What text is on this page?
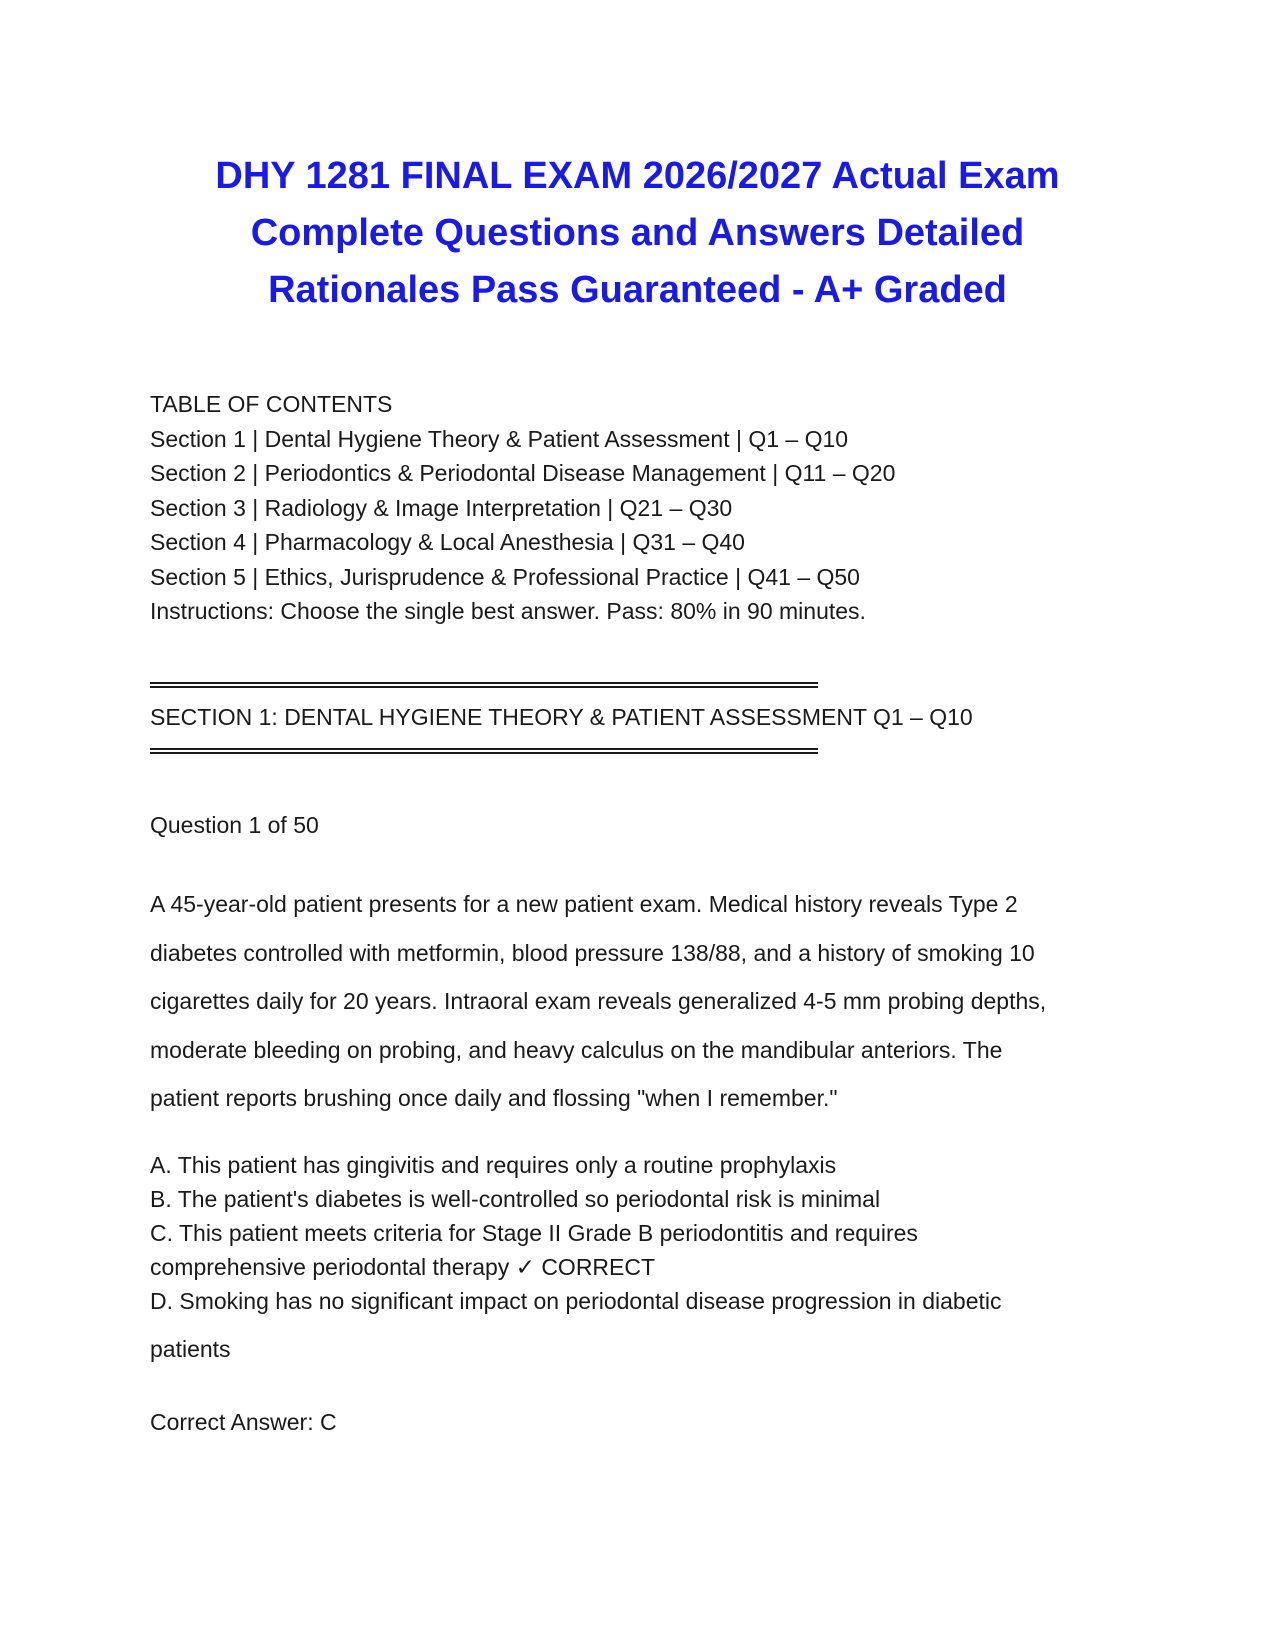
DHY 1281 FINAL EXAM 2026/2027 Actual Exam
Complete Questions and Answers Detailed
Rationales Pass Guaranteed - A+ Graded
TABLE OF CONTENTS
Section 1 | Dental Hygiene Theory & Patient Assessment | Q1 – Q10
Section 2 | Periodontics & Periodontal Disease Management | Q11 – Q20
Section 3 | Radiology & Image Interpretation | Q21 – Q30
Section 4 | Pharmacology & Local Anesthesia | Q31 – Q40
Section 5 | Ethics, Jurisprudence & Professional Practice | Q41 – Q50
Instructions: Choose the single best answer. Pass: 80% in 90 minutes.
SECTION 1: DENTAL HYGIENE THEORY & PATIENT ASSESSMENT Q1 – Q10
Question 1 of 50
A 45-year-old patient presents for a new patient exam. Medical history reveals Type 2
diabetes controlled with metformin, blood pressure 138/88, and a history of smoking 10
cigarettes daily for 20 years. Intraoral exam reveals generalized 4-5 mm probing depths,
moderate bleeding on probing, and heavy calculus on the mandibular anteriors. The
patient reports brushing once daily and flossing "when I remember."
A. This patient has gingivitis and requires only a routine prophylaxis
B. The patient's diabetes is well-controlled so periodontal risk is minimal
C. This patient meets criteria for Stage II Grade B periodontitis and requires
comprehensive periodontal therapy ✓ CORRECT
D. Smoking has no significant impact on periodontal disease progression in diabetic
patients
Correct Answer: C
